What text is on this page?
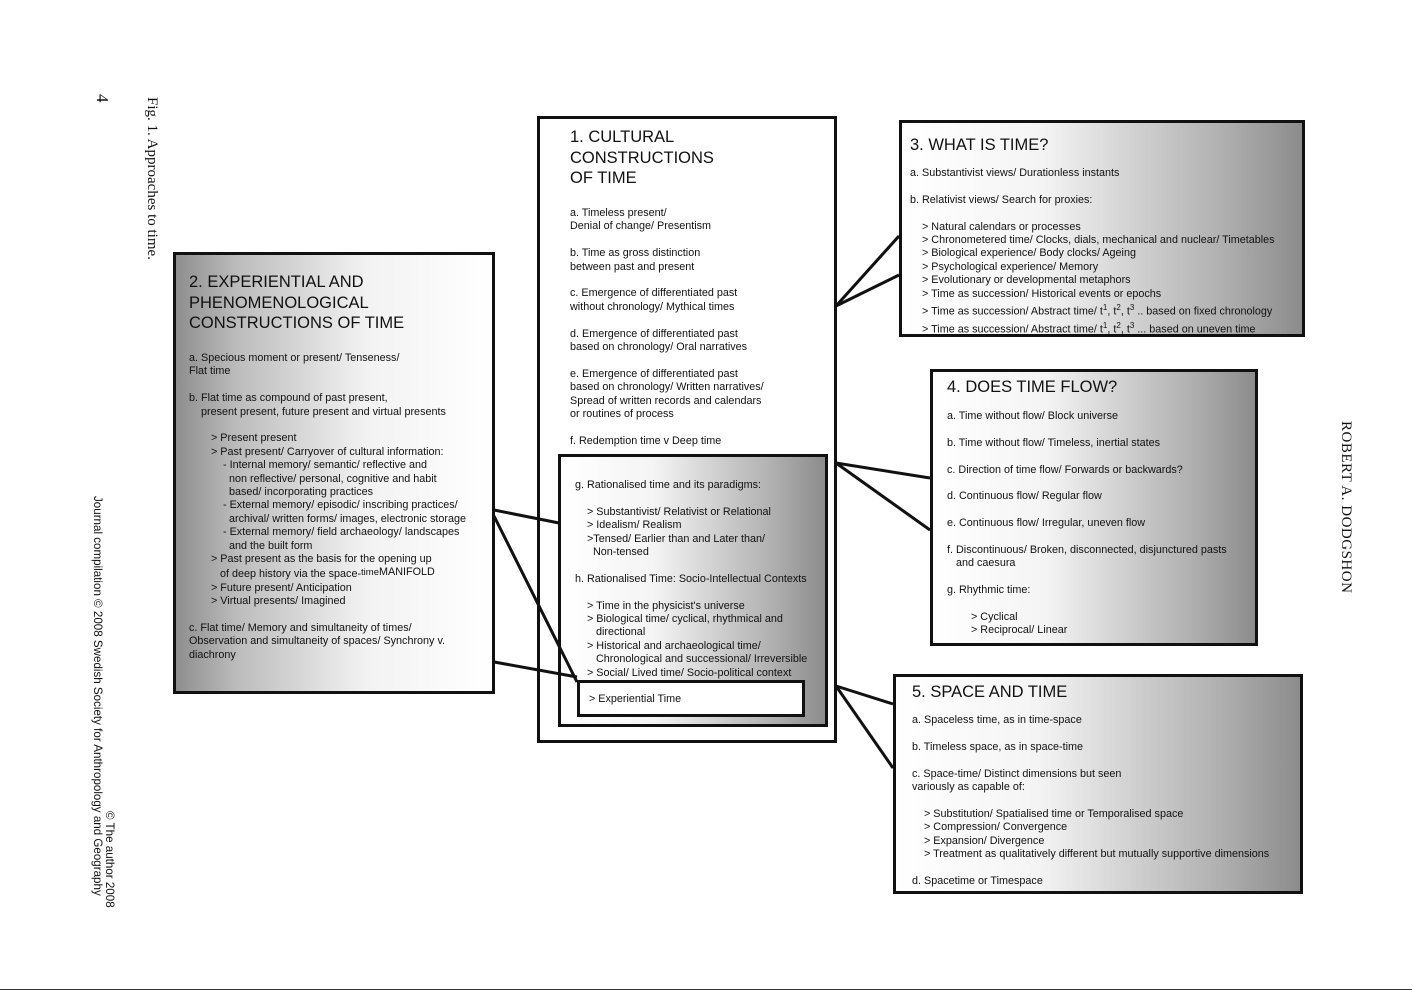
4 Fig. 1. Approaches to time.
Journal compilation © 2008 Swedish Society for Anthropology and Geography © The author 2008
ROBERT A. DODGSHON
1. CULTURAL
CONSTRUCTIONS
OF TIME

a. Timeless present/
Denial of change/ Presentism

b. Time as gross distinction
between past and present

c. Emergence of differentiated past
without chronology/ Mythical times

d. Emergence of differentiated past
based on chronology/ Oral narratives

e. Emergence of differentiated past
based on chronology/ Written narratives/
Spread of written records and calendars
or routines of process

f. Redemption time v Deep time

g. Rationalised time and its paradigms:

> Substantivist/ Relativist or Relational
> Idealism/ Realism
>Tensed/ Earlier than and Later than/
Non-tensed

h. Rationalised Time: Socio-Intellectual Contexts

> Time in the physicist's universe
> Biological time/ cyclical, rhythmical and
directional
> Historical and archaeological time/
Chronological and successional/ Irreversible
> Social/ Lived time/ Socio-political context

> Experiential Time
2. EXPERIENTIAL AND
PHENOMENOLOGICAL
CONSTRUCTIONS OF TIME

a. Specious moment or present/ Tenseness/
Flat time

b. Flat time as compound of past present,
present present, future present and virtual presents

> Present present
> Past present/ Carryover of cultural information:
- Internal memory/ semantic/ reflective and
non reflective/ personal, cognitive and habit
based/ incorporating practices
- External memory/ episodic/ inscribing practices/
archival/ written forms/ images, electronic storage
- External memory/ field archaeology/ landscapes
and the built form
> Past present as the basis for the opening up

of deep history via the space-timeMANIFOLD

> Future present/ Anticipation
> Virtual presents/ Imagined

c. Flat time/ Memory and simultaneity of times/
Observation and simultaneity of spaces/ Synchrony v.
diachrony

3. WHAT IS TIME?

a. Substantivist views/ Durationless instants

b. Relativist views/ Search for proxies:

> Natural calendars or processes

> Chronometered time/ Clocks, dials, mechanical and nuclear/ Timetables

> Biological experience/ Body clocks/ Ageing

> Psychological experience/ Memory

> Evolutionary or developmental metaphors

> Time as succession/ Historical events or epochs

> Time as succession/ Abstract time/ $t^1$, $t^2$, $t^3$ .. based on fixed chronology

> Time as succession/ Abstract time/ $t^1$, $t^2$, $t^3$ ... based on uneven time

4. DOES TIME FLOW?

a. Time without flow/ Block universe

b. Time without flow/ Timeless, inertial states

c. Direction of time flow/ Forwards or backwards?

d. Continuous flow/ Regular flow

e. Continuous flow/ Irregular, uneven flow

f. Discontinuous/ Broken, disconnected, disjunctured pasts
and caesura

g. Rhythmic time:

> Cyclical
> Reciprocal/ Linear

5. SPACE AND TIME

a. Spaceless time, as in time-space

b. Timeless space, as in space-time

c. Space-time/ Distinct dimensions but seen
variously as capable of:

> Substitution/ Spatialised time or Temporalised space
> Compression/ Convergence
> Expansion/ Divergence
> Treatment as qualitatively different but mutually supportive dimensions

d. Spacetime or Timespace
